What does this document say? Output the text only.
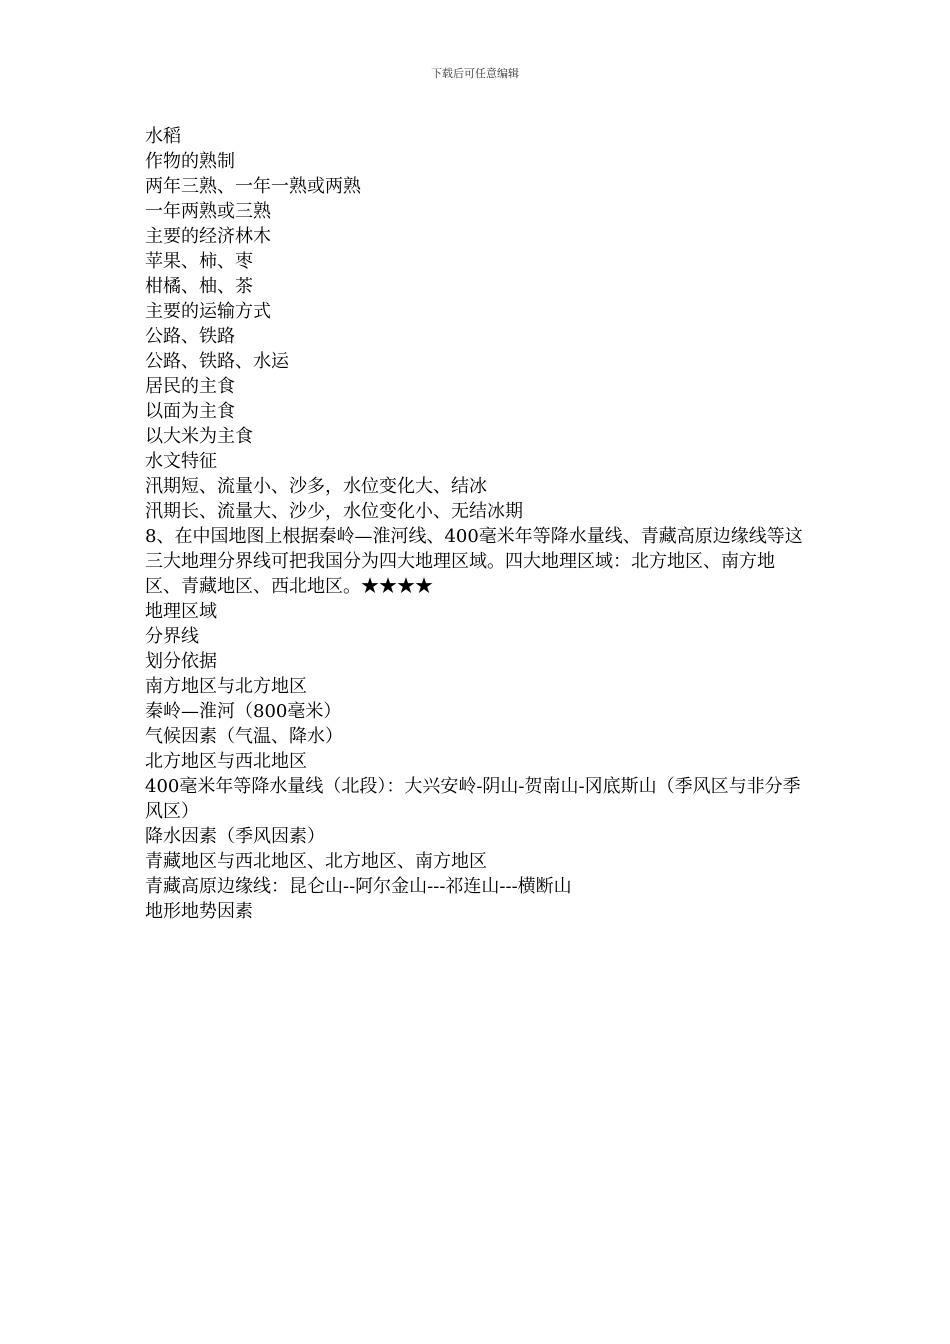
下载后可任意编辑
水稻
作物的熟制
两年三熟、一年一熟或两熟
一年两熟或三熟
主要的经济林木
苹果、柿、枣
柑橘、柚、茶
主要的运输方式
公路、铁路
公路、铁路、水运
居民的主食
以面为主食
以大米为主食
水文特征
汛期短、流量小、沙多，水位变化大、结冰
汛期长、流量大、沙少，水位变化小、无结冰期
8、在中国地图上根据秦岭—淮河线、400毫米年等降水量线、青藏高原边缘线等这三大地理分界线可把我国分为四大地理区域。四大地理区域：北方地区、南方地区、青藏地区、西北地区。★★★★
地理区域
分界线
划分依据
南方地区与北方地区
秦岭—淮河（800毫米）
气候因素（气温、降水）
北方地区与西北地区
400毫米年等降水量线（北段）：大兴安岭-阴山-贺南山-冈底斯山（季风区与非分季风区）
降水因素（季风因素）
青藏地区与西北地区、北方地区、南方地区
青藏高原边缘线：昆仑山--阿尔金山---祁连山---横断山
地形地势因素
